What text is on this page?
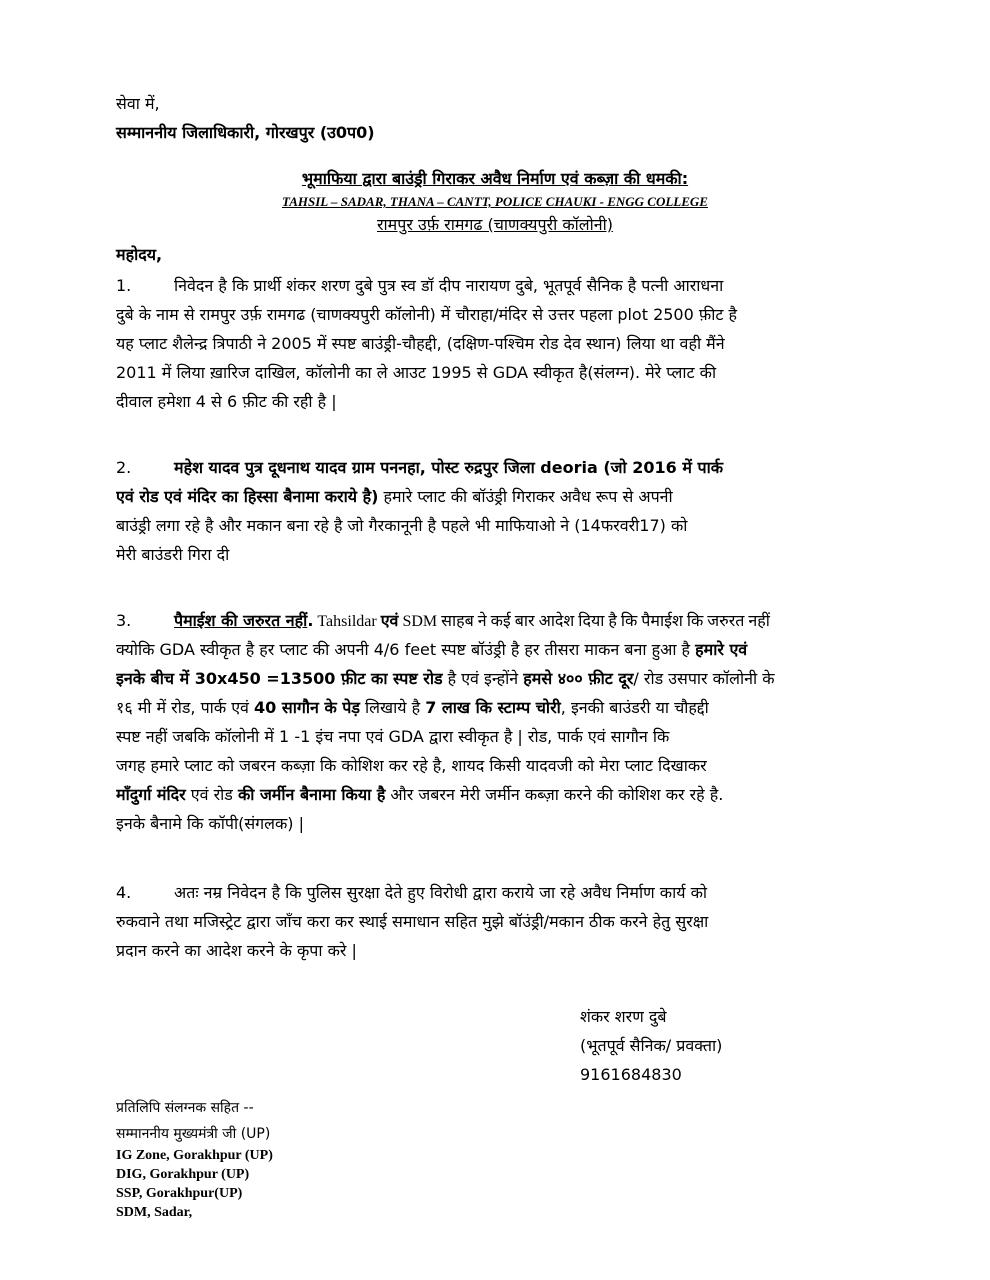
सेवा में,
सम्माननीय जिलाधिकारी, गोरखपुर (उ0प0)
भूमाफिया द्वारा बाउंड्री गिराकर अवैध निर्माण एवं कब्ज़ा की धमकी:
TAHSIL – SADAR, THANA – CANTT, POLICE CHAUKI - ENGG COLLEGE
रामपुर उर्फ़ रामगढ (चाणक्यपुरी कॉलोनी)
महोदय,
1.	निवेदन है कि प्रार्थी शंकर शरण दुबे पुत्र स्व डॉ दीप नारायण दुबे, भूतपूर्व सैनिक है पत्नी आराधना
दुबे के नाम से रामपुर उर्फ़ रामगढ (चाणक्यपुरी कॉलोनी) में चौराहा/मंदिर से उत्तर पहला plot 2500 फ़ीट है
यह प्लाट शैलेन्द्र त्रिपाठी ने 2005 में स्पष्ट बाउंड्री-चौहद्दी, (दक्षिण-पश्चिम रोड देव स्थान) लिया था वही मैंने
2011 में लिया ख़ारिज दाखिल, कॉलोनी का ले आउट 1995 से GDA स्वीकृत है(संलग्न). मेरे प्लाट की
दीवाल हमेशा 4 से 6 फ़ीट की रही है |
2.	महेश यादव पुत्र दूधनाथ यादव ग्राम पननहा, पोस्ट रुद्रपुर जिला deoria (जो 2016 में पार्क
एवं रोड एवं मंदिर का हिस्सा बैनामा कराये है) हमारे प्लाट की बॉउंड्री गिराकर अवैध रूप से अपनी
बाउंड्री लगा रहे है और मकान बना रहे है जो गैरकानूनी है पहले भी माफियाओ ने (14फरवरी17) को
मेरी बाउंडरी गिरा दी
3.	पैमाईश की जरुरत नहीं. Tahsildar एवं SDM साहब ने कई बार आदेश दिया है कि पैमाईश कि जरुरत नहीं
क्योकि GDA स्वीकृत है हर प्लाट की अपनी 4/6 feet स्पष्ट बॉउंड्री है हर तीसरा माकन बना हुआ है हमारे एवं
इनके बीच में 30x450 =13500 फ़ीट का स्पष्ट रोड है एवं इन्होंने हमसे ४०० फ़ीट दूर/ रोड उसपार कॉलोनी के
१६ मी में रोड, पार्क एवं 40 सागौन के पेड़ लिखाये है 7 लाख कि स्टाम्प चोरी, इनकी बाउंडरी या चौहद्दी
स्पष्ट नहीं जबकि कॉलोनी में 1 -1 इंच नपा एवं GDA द्वारा स्वीकृत है | रोड, पार्क एवं सागौन कि
जगह हमारे प्लाट को जबरन कब्ज़ा कि कोशिश कर रहे है, शायद किसी यादवजी को मेरा प्लाट दिखाकर
माँदुर्गा मंदिर एवं रोड की जर्मीन बैनामा किया है और जबरन मेरी जर्मीन कब्ज़ा करने की कोशिश कर रहे है.
इनके बैनामे कि कॉपी(संगलक) |
4.	अतः नम्र निवेदन है कि पुलिस सुरक्षा देते हुए विरोधी द्वारा कराये जा रहे अवैध निर्माण कार्य को
रुकवाने तथा मजिस्ट्रेट द्वारा जाँच करा कर स्थाई समाधान सहित मुझे बॉउंड्री/मकान ठीक करने हेतु सुरक्षा
प्रदान करने का आदेश करने के कृपा करे |
शंकर शरण दुबे
(भूतपूर्व सैनिक/ प्रवक्ता)
9161684830
प्रतिलिपि संलग्नक सहित --
सम्माननीय मुख्यमंत्री जी (UP)
IG Zone, Gorakhpur (UP)
DIG, Gorakhpur (UP)
SSP, Gorakhpur(UP)
SDM, Sadar,
